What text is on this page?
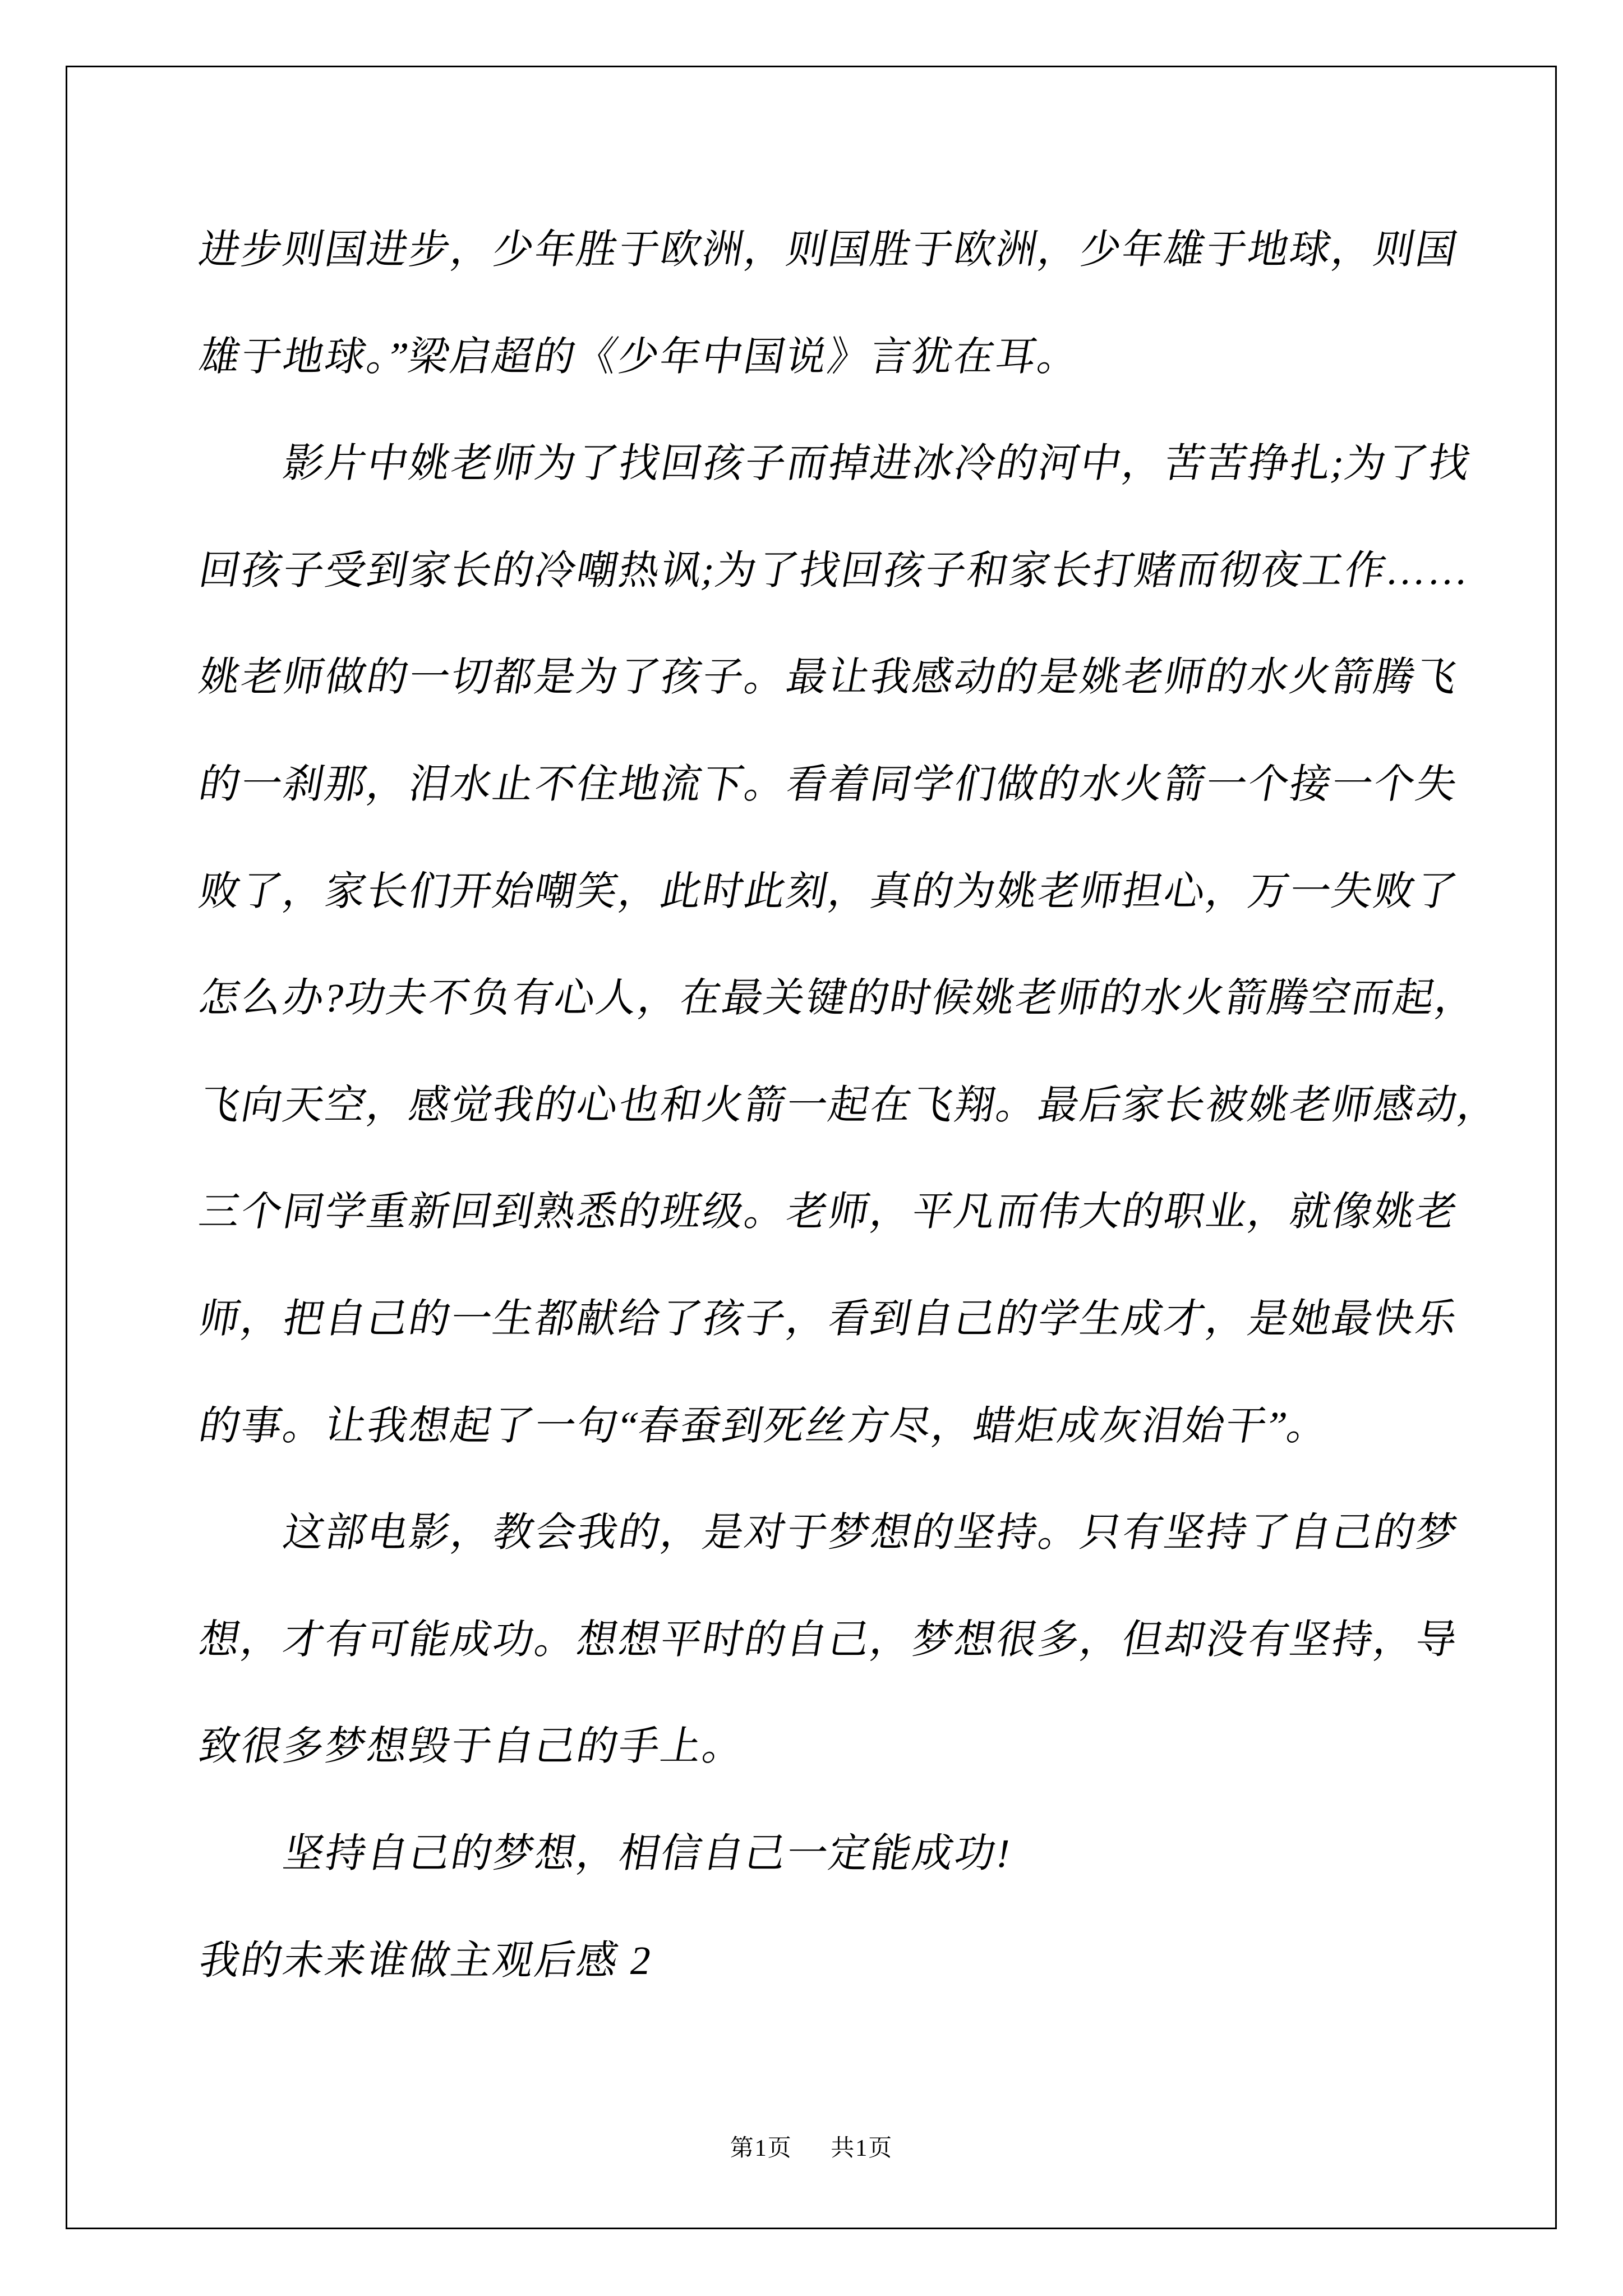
进步则国进步，少年胜于欧洲，则国胜于欧洲，少年雄于地球，则国
雄于地球。”梁启超的《少年中国说》言犹在耳。
影片中姚老师为了找回孩子而掉进冰冷的河中，苦苦挣扎;为了找
回孩子受到家长的冷嘲热讽;为了找回孩子和家长打赌而彻夜工作……
姚老师做的一切都是为了孩子。最让我感动的是姚老师的水火箭腾飞
的一刹那，泪水止不住地流下。看着同学们做的水火箭一个接一个失
败了，家长们开始嘲笑，此时此刻，真的为姚老师担心，万一失败了
怎么办?功夫不负有心人，在最关键的时候姚老师的水火箭腾空而起，
飞向天空，感觉我的心也和火箭一起在飞翔。最后家长被姚老师感动，
三个同学重新回到熟悉的班级。老师，平凡而伟大的职业，就像姚老
师，把自己的一生都献给了孩子，看到自己的学生成才，是她最快乐
的事。让我想起了一句“春蚕到死丝方尽，蜡炬成灰泪始干”。
这部电影，教会我的，是对于梦想的坚持。只有坚持了自己的梦
想，才有可能成功。想想平时的自己，梦想很多，但却没有坚持，导
致很多梦想毁于自己的手上。
坚持自己的梦想，相信自己一定能成功!
我的未来谁做主观后感 2
第1页 共1页
